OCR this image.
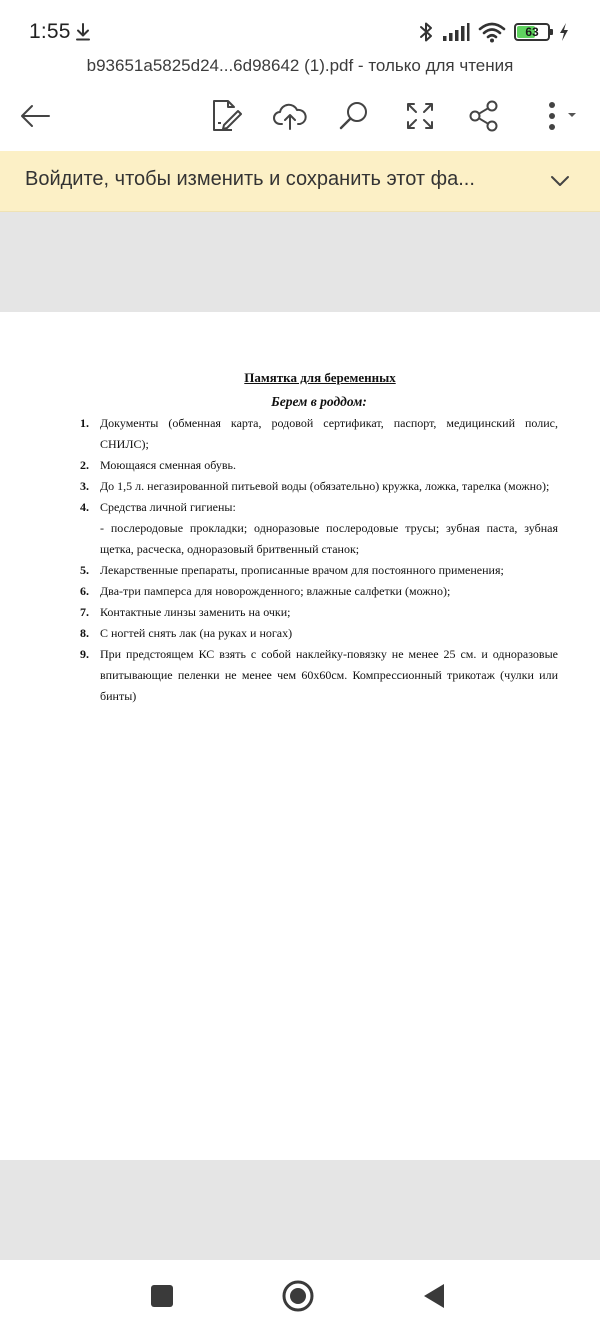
1:55	63
b93651a5825d24...6d98642 (1).pdf - только для чтения
Войдите, чтобы изменить и сохранить этот фа...
Памятка для беременных
Берем в роддом:
1. Документы (обменная карта, родовой сертификат, паспорт, медицинский полис, СНИЛС);
2. Моющаяся сменная обувь.
3. До 1,5 л. негазированной питьевой воды (обязательно) кружка, ложка, тарелка (можно);
4. Средства личной гигиены:
- послеродовые прокладки; одноразовые послеродовые трусы; зубная паста, зубная щетка, расческа, одноразовый бритвенный станок;
5. Лекарственные препараты, прописанные врачом для постоянного применения;
6. Два-три памперса для новорожденного; влажные салфетки (можно);
7. Контактные линзы заменить на очки;
8. С ногтей снять лак (на руках и ногах)
9. При предстоящем КС взять с собой наклейку-повязку не менее 25 см. и одноразовые впитывающие пеленки не менее чем 60х60см. Компрессионный трикотаж (чулки или бинты)
